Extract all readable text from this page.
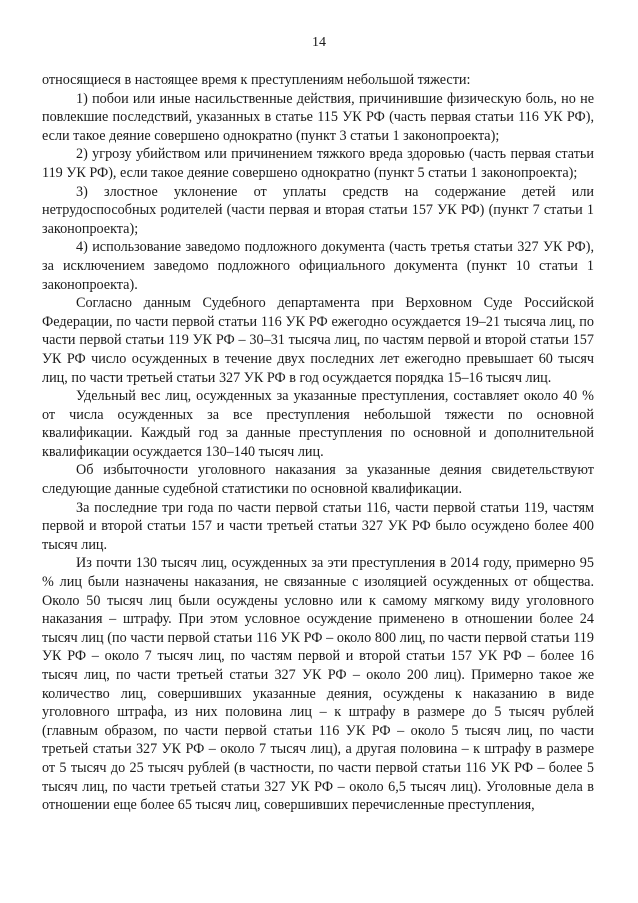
14

относящиеся в настоящее время к преступлениям небольшой тяжести:

1) побои или иные насильственные действия, причинившие физическую боль, но не повлекшие последствий, указанных в статье 115 УК РФ (часть первая статьи 116 УК РФ), если такое деяние совершено однократно (пункт 3 статьи 1 законопроекта);

2) угрозу убийством или причинением тяжкого вреда здоровью (часть первая статьи 119 УК РФ), если такое деяние совершено однократно (пункт 5 статьи 1 законопроекта);

3) злостное уклонение от уплаты средств на содержание детей или нетрудоспособных родителей (части первая и вторая статьи 157 УК РФ) (пункт 7 статьи 1 законопроекта);

4) использование заведомо подложного документа (часть третья статьи 327 УК РФ), за исключением заведомо подложного официального документа (пункт 10 статьи 1 законопроекта).

Согласно данным Судебного департамента при Верховном Суде Российской Федерации, по части первой статьи 116 УК РФ ежегодно осуждается 19–21 тысяча лиц, по части первой статьи 119 УК РФ – 30–31 тысяча лиц, по частям первой и второй статьи 157 УК РФ число осужденных в течение двух последних лет ежегодно превышает 60 тысяч лиц, по части третьей статьи 327 УК РФ в год осуждается порядка 15–16 тысяч лиц.

Удельный вес лиц, осужденных за указанные преступления, составляет около 40 % от числа осужденных за все преступления небольшой тяжести по основной квалификации. Каждый год за данные преступления по основной и дополнительной квалификации осуждается 130–140 тысяч лиц.

Об избыточности уголовного наказания за указанные деяния свидетельствуют следующие данные судебной статистики по основной квалификации.

За последние три года по части первой статьи 116, части первой статьи 119, частям первой и второй статьи 157 и части третьей статьи 327 УК РФ было осуждено более 400 тысяч лиц.

Из почти 130 тысяч лиц, осужденных за эти преступления в 2014 году, примерно 95 % лиц были назначены наказания, не связанные с изоляцией осужденных от общества. Около 50 тысяч лиц были осуждены условно или к самому мягкому виду уголовного наказания – штрафу. При этом условное осуждение применено в отношении более 24 тысяч лиц (по части первой статьи 116 УК РФ – около 800 лиц, по части первой статьи 119 УК РФ – около 7 тысяч лиц, по частям первой и второй статьи 157 УК РФ – более 16 тысяч лиц, по части третьей статьи 327 УК РФ – около 200 лиц). Примерно такое же количество лиц, совершивших указанные деяния, осуждены к наказанию в виде уголовного штрафа, из них половина лиц – к штрафу в размере до 5 тысяч рублей (главным образом, по части первой статьи 116 УК РФ – около 5 тысяч лиц, по части третьей статьи 327 УК РФ – около 7 тысяч лиц), а другая половина – к штрафу в размере от 5 тысяч до 25 тысяч рублей (в частности, по части первой статьи 116 УК РФ – более 5 тысяч лиц, по части третьей статьи 327 УК РФ – около 6,5 тысяч лиц). Уголовные дела в отношении еще более 65 тысяч лиц, совершивших перечисленные преступления,
